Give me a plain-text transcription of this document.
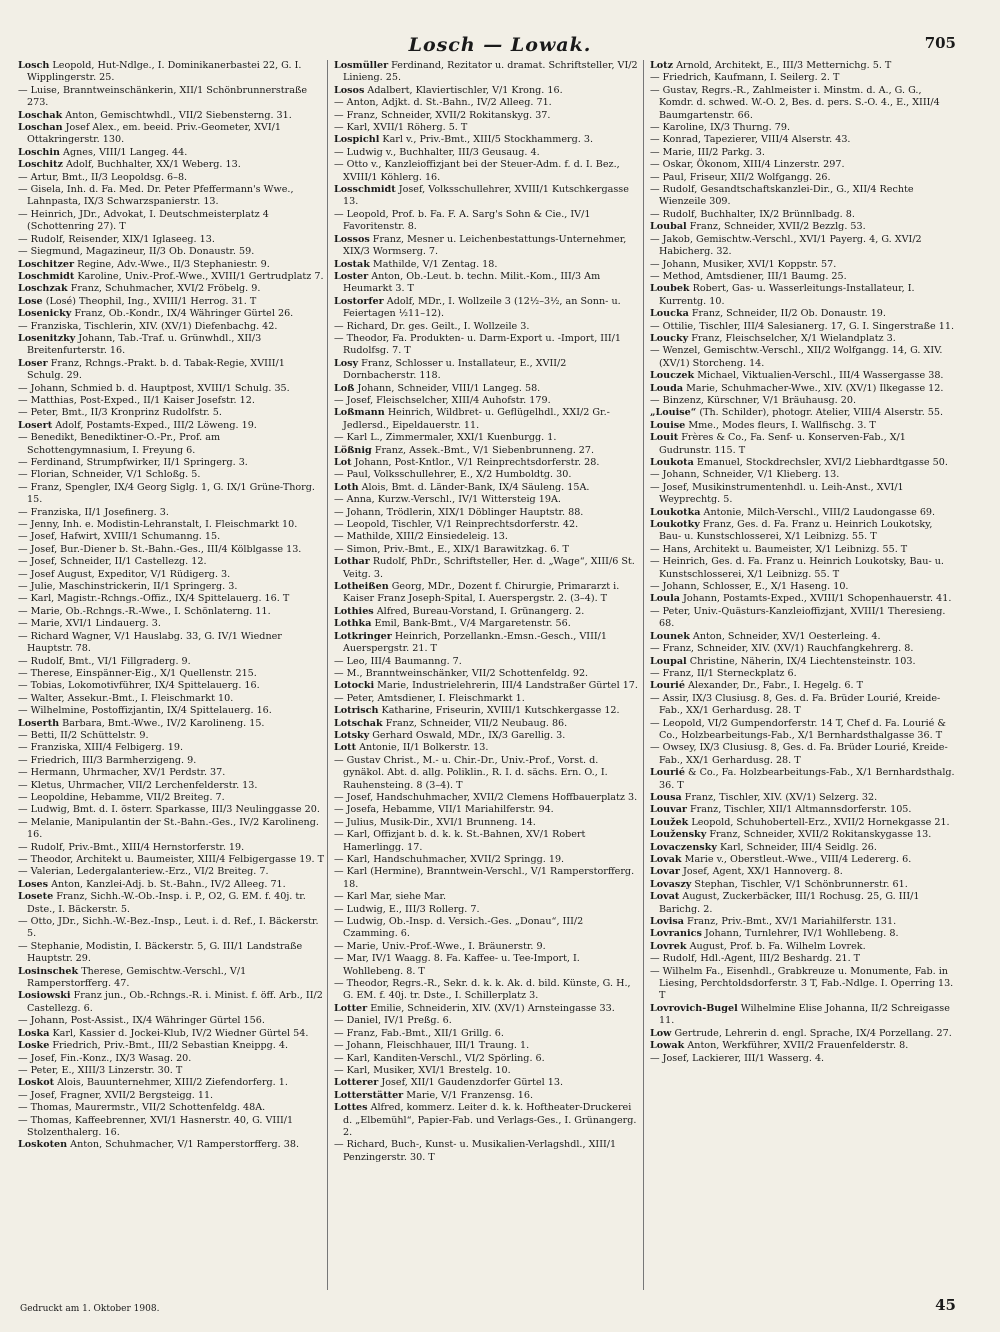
Losch — Lowak.	705

Losch Leopold, Hut-Ndlge., I. Dominikanerbastei 22, G. I. Wipplingerstr. 25.

— Luise, Branntweinschänkerin, XII/1 Schönbrunnerstraße 273.

Loschak Anton, Gemischtwhdl., VII/2 Siebensterng. 31.

Loschan Josef Alex., em. beeid. Priv.-Geometer, XVI/1 Ottakringerstr. 130.

Loschin Agnes, VIII/1 Langeg. 44.

Loschitz Adolf, Buchhalter, XX/1 Weberg. 13.

— Artur, Bmt., II/3 Leopoldsg. 6–8.

— Gisela, Inh. d. Fa. Med. Dr. Peter Pfeffermann's Wwe., Lahnpasta, IX/3 Schwarzspanierstr. 13.

— Heinrich, JDr., Advokat, I. Deutschmeisterplatz 4 (Schottenring 27). T

— Rudolf, Reisender, XIX/1 Iglaseeg. 13.

— Siegmund, Magazineur, II/3 Ob. Donaustr. 59.

Loschitzer Regine, Adv.-Wwe., II/3 Stephaniestr. 9.

Loschmidt Karoline, Univ.-Prof.-Wwe., XVIII/1 Gertrudplatz 7.

Loschzak Franz, Schuhmacher, XVI/2 Fröbelg. 9.

Lose (Losé) Theophil, Ing., XVIII/1 Herrog. 31. T

Losenicky Franz, Ob.-Kondr., IX/4 Währinger Gürtel 26.

— Franziska, Tischlerin, XIV. (XV/1) Diefenbachg. 42.

Losenitzky Johann, Tab.-Traf. u. Grünwhdl., XII/3 Breitenfurterstr. 16.

Loser Franz, Rchngs.-Prakt. b. d. Tabak-Regie, XVIII/1 Schulg. 29.

— Johann, Schmied b. d. Hauptpost, XVIII/1 Schulg. 35.

— Matthias, Post-Exped., II/1 Kaiser Josefstr. 12.

— Peter, Bmt., II/3 Kronprinz Rudolfstr. 5.

Losert Adolf, Postamts-Exped., III/2 Löweng. 19.

— Benedikt, Benediktiner-O.-Pr., Prof. am Schottengymnasium, I. Freyung 6.

— Ferdinand, Strumpfwirker, II/1 Springerg. 3.

— Florian, Schneider, V/1 Schloßg. 5.

— Franz, Spengler, IX/4 Georg Siglg. 1, G. IX/1 Grüne-Thorg. 15.

— Franziska, II/1 Josefinerg. 3.

— Jenny, Inh. e. Modistin-Lehranstalt, I. Fleischmarkt 10.

— Josef, Hafwirt, XVIII/1 Schumanng. 15.

— Josef, Bur.-Diener b. St.-Bahn.-Ges., III/4 Kölblgasse 13.

— Josef, Schneider, II/1 Castellezg. 12.

— Josef August, Expeditor, V/1 Rüdigerg. 3.

— Julie, Maschinstrickerin, II/1 Springerg. 3.

— Karl, Magistr.-Rchngs.-Offiz., IX/4 Spittelauerg. 16. T

— Marie, Ob.-Rchngs.-R.-Wwe., I. Schönlaterng. 11.

— Marie, XVI/1 Lindauerg. 3.

— Richard Wagner, V/1 Hauslabg. 33, G. IV/1 Wiedner Hauptstr. 78.

— Rudolf, Bmt., VI/1 Fillgraderg. 9.

— Therese, Einspänner-Eig., X/1 Quellenstr. 215.

— Tobias, Lokomotivführer, IX/4 Spittelauerg. 16.

— Walter, Assekur.-Bmt., I. Fleischmarkt 10.

— Wilhelmine, Postoffizjantin, IX/4 Spittelauerg. 16.

Loserth Barbara, Bmt.-Wwe., IV/2 Karolineng. 15.

— Betti, II/2 Schüttelstr. 9.

— Franziska, XIII/4 Felbigerg. 19.

— Friedrich, III/3 Barmherzigeng. 9.

— Hermann, Uhrmacher, XV/1 Perdstr. 37.

— Kletus, Uhrmacher, VII/2 Lerchenfelderstr. 13.

— Leopoldine, Hebamme, VII/2 Breiteg. 7.

— Ludwig, Bmt. d. I. österr. Sparkasse, III/3 Neulinggasse 20.

— Melanie, Manipulantin der St.-Bahn.-Ges., IV/2 Karolineng. 16.

— Rudolf, Priv.-Bmt., XIII/4 Hernstorferstr. 19.

— Theodor, Architekt u. Baumeister, XIII/4 Felbigergasse 19. T

— Valerian, Ledergalanteriew.-Erz., VI/2 Breiteg. 7.

Loses Anton, Kanzlei-Adj. b. St.-Bahn., IV/2 Alleeg. 71.

Losete Franz, Sichh.-W.-Ob.-Insp. i. P., O2, G. EM. f. 40j. tr. Dste., I. Bäckerstr. 5.

— Otto, JDr., Sichh.-W.-Bez.-Insp., Leut. i. d. Ref., I. Bäckerstr. 5.

— Stephanie, Modistin, I. Bäckerstr. 5, G. III/1 Landstraße Hauptstr. 29.

Losinschek Therese, Gemischtw.-Verschl., V/1 Ramperstorfferg. 47.

Losiowski Franz jun., Ob.-Rchngs.-R. i. Minist. f. öff. Arb., II/2 Castellezg. 6.

— Johann, Post-Assist., IX/4 Währinger Gürtel 156.

Loska Karl, Kassier d. Jockei-Klub, IV/2 Wiedner Gürtel 54.

Loske Friedrich, Priv.-Bmt., III/2 Sebastian Kneippg. 4.

— Josef, Fin.-Konz., IX/3 Wasag. 20.

— Peter, E., XIII/3 Linzerstr. 30. T

Loskot Alois, Bauunternehmer, XIII/2 Ziefendorferg. 1.

— Josef, Fragner, XVII/2 Bergsteigg. 11.

— Thomas, Maurermstr., VII/2 Schottenfeldg. 48A.

— Thomas, Kaffeebrenner, XVI/1 Hasnerstr. 40, G. VIII/1 Stolzenthalerg. 16.

Loskoten Anton, Schuhmacher, V/1 Ramperstorfferg. 38.

Losmüller Ferdinand, Rezitator u. dramat. Schriftsteller, VI/2 Linieng. 25.

Losos Adalbert, Klaviertischler, V/1 Krong. 16.

— Anton, Adjkt. d. St.-Bahn., IV/2 Alleeg. 71.

— Franz, Schneider, XVII/2 Rokitanskyg. 37.

— Karl, XVII/1 Röherg. 5. T

Lospichl Karl v., Priv.-Bmt., XIII/5 Stockhammerg. 3.

— Ludwig v., Buchhalter, III/3 Geusaug. 4.

— Otto v., Kanzleioffizjant bei der Steuer-Adm. f. d. I. Bez., XVIII/1 Köhlerg. 16.

Losschmidt Josef, Volksschullehrer, XVIII/1 Kutschkergasse 13.

— Leopold, Prof. b. Fa. F. A. Sarg's Sohn & Cie., IV/1 Favoritenstr. 8.

Lossos Franz, Mesner u. Leichenbestattungs-Unternehmer, XIX/3 Wormserg. 7.

Lostak Mathilde, V/1 Zentag. 18.

Loster Anton, Ob.-Leut. b. techn. Milit.-Kom., III/3 Am Heumarkt 3. T

Lostorfer Adolf, MDr., I. Wollzeile 3 (12½–3½, an Sonn- u. Feiertagen ½11–12).

— Richard, Dr. ges. Geilt., I. Wollzeile 3.

— Theodor, Fa. Produkten- u. Darm-Export u. -Import, III/1 Rudolfsg. 7. T

Losy Franz, Schlosser u. Installateur, E., XVII/2 Dornbacherstr. 118.

Loß Johann, Schneider, VIII/1 Langeg. 58.

— Josef, Fleischselcher, XIII/4 Auhofstr. 179.

Loßmann Heinrich, Wildbret- u. Geflügelhdl., XXI/2 Gr.-Jedlersd., Eipeldauerstr. 11.

— Karl L., Zimmermaler, XXI/1 Kuenburgg. 1.

Lößnig Franz, Assek.-Bmt., V/1 Siebenbrunneng. 27.

Lot Johann, Post-Kntlor., V/1 Reinprechtsdorferstr. 28.

— Paul, Volksschullehrer, E., X/2 Humboldtg. 30.

Loth Alois, Bmt. d. Länder-Bank, IX/4 Säuleng. 15A.

— Anna, Kurzw.-Verschl., IV/1 Wittersteig 19A.

— Johann, Trödlerin, XIX/1 Döblinger Hauptstr. 88.

— Leopold, Tischler, V/1 Reinprechtsdorferstr. 42.

— Mathilde, XIII/2 Einsiedeleig. 13.

— Simon, Priv.-Bmt., E., XIX/1 Barawitzkag. 6. T

Lothar Rudolf, PhDr., Schriftsteller, Her. d. „Wage“, XIII/6 St. Veitg. 3.

Lotheißen Georg, MDr., Dozent f. Chirurgie, Primararzt i. Kaiser Franz Joseph-Spital, I. Auerspergstr. 2. (3–4). T

Lothies Alfred, Bureau-Vorstand, I. Grünangerg. 2.

Lothka Emil, Bank-Bmt., V/4 Margaretenstr. 56.

Lotkringer Heinrich, Porzellankn.-Emsn.-Gesch., VIII/1 Auerspergstr. 21. T

— Leo, III/4 Baumanng. 7.

— M., Branntweinschänker, VII/2 Schottenfeldg. 92.

Lotocki Marie, Industrielehrerin, III/4 Landstraßer Gürtel 17.

— Peter, Amtsdiener, I. Fleischmarkt 1.

Lotrisch Katharine, Friseurin, XVIII/1 Kutschkergasse 12.

Lotschak Franz, Schneider, VII/2 Neubaug. 86.

Lotsky Gerhard Oswald, MDr., IX/3 Garellig. 3.

Lott Antonie, II/1 Bolkerstr. 13.

— Gustav Christ., M.- u. Chir.-Dr., Univ.-Prof., Vorst. d. gynäkol. Abt. d. allg. Poliklin., R. I. d. sächs. Ern. O., I. Rauhensteing. 8 (3–4). T

— Josef, Handschuhmacher, XVII/2 Clemens Hoffbauerplatz 3.

— Josefa, Hebamme, VII/1 Mariahilferstr. 94.

— Julius, Musik-Dir., XVI/1 Brunneng. 14.

— Karl, Offizjant b. d. k. k. St.-Bahnen, XV/1 Robert Hamerlingg. 17.

— Karl, Handschuhmacher, XVII/2 Springg. 19.

— Karl (Hermine), Branntwein-Verschl., V/1 Ramperstorfferg. 18.

— Karl Mar, siehe Mar.

— Ludwig, E., III/3 Rollerg. 7.

— Ludwig, Ob.-Insp. d. Versich.-Ges. „Donau“, III/2 Czamming. 6.

— Marie, Univ.-Prof.-Wwe., I. Bräunerstr. 9.

— Mar, IV/1 Waagg. 8. Fa. Kaffee- u. Tee-Import, I. Wohllebeng. 8. T

— Theodor, Regrs.-R., Sekr. d. k. k. Ak. d. bild. Künste, G. H., G. EM. f. 40j. tr. Dste., I. Schillerplatz 3.

Lotter Emilie, Schneiderin, XIV. (XV/1) Arnsteingasse 33.

— Daniel, IV/1 Preßg. 6.

— Franz, Fab.-Bmt., XII/1 Grillg. 6.

— Johann, Fleischhauer, III/1 Traung. 1.

— Karl, Kanditen-Verschl., VI/2 Spörling. 6.

— Karl, Musiker, XVI/1 Brestelg. 10.

Lotterer Josef, XII/1 Gaudenzdorfer Gürtel 13.

Lotterstätter Marie, V/1 Franzensg. 16.

Lottes Alfred, kommerz. Leiter d. k. k. Hoftheater-Druckerei d. „Elbemühl“, Papier-Fab. und Verlags-Ges., I. Grünangerg. 2.

— Richard, Buch-, Kunst- u. Musikalien-Verlagshdl., XIII/1 Penzingerstr. 30. T

Lotz Arnold, Architekt, E., III/3 Metternichg. 5. T

— Friedrich, Kaufmann, I. Seilerg. 2. T

— Gustav, Regrs.-R., Zahlmeister i. Minstm. d. A., G. G., Komdr. d. schwed. W.-O. 2, Bes. d. pers. S.-O. 4., E., XIII/4 Baumgartenstr. 66.

— Karoline, IX/3 Thurng. 79.

— Konrad, Tapezierer, VIII/4 Alserstr. 43.

— Marie, III/2 Parkg. 3.

— Oskar, Ökonom, XIII/4 Linzerstr. 297.

— Paul, Friseur, XII/2 Wolfgangg. 26.

— Rudolf, Gesandtschaftskanzlei-Dir., G., XII/4 Rechte Wienzeile 309.

— Rudolf, Buchhalter, IX/2 Brünnlbadg. 8.

Loubal Franz, Schneider, XVII/2 Bezzlg. 53.

— Jakob, Gemischtw.-Verschl., XVI/1 Payerg. 4, G. XVI/2 Habicherg. 32.

— Johann, Musiker, XVI/1 Koppstr. 57.

— Method, Amtsdiener, III/1 Baumg. 25.

Loubek Robert, Gas- u. Wasserleitungs-Installateur, I. Kurrentg. 10.

Loucka Franz, Schneider, II/2 Ob. Donaustr. 19.

— Ottilie, Tischler, III/4 Salesianerg. 17, G. I. Singerstraße 11.

Loucky Franz, Fleischselcher, X/1 Wielandplatz 3.

— Wenzel, Gemischtw.-Verschl., XII/2 Wolfgangg. 14, G. XIV. (XV/1) Storcheng. 14.

Louczek Michael, Viktualien-Verschl., III/4 Wassergasse 38.

Louda Marie, Schuhmacher-Wwe., XIV. (XV/1) Ilkegasse 12.

— Binzenz, Kürschner, V/1 Bräuhausg. 20.

„Louise“ (Th. Schilder), photogr. Atelier, VIII/4 Alserstr. 55.

Louise Mme., Modes fleurs, I. Wallfischg. 3. T

Louit Frères & Co., Fa. Senf- u. Konserven-Fab., X/1 Gudrunstr. 115. T

Loukota Emanuel, Stockdrechsler, XVI/2 Liebhardtgasse 50.

— Johann, Schneider, V/1 Klieberg. 13.

— Josef, Musikinstrumentenhdl. u. Leih-Anst., XVI/1 Weyprechtg. 5.

Loukotka Antonie, Milch-Verschl., VIII/2 Laudongasse 69.

Loukotky Franz, Ges. d. Fa. Franz u. Heinrich Loukotsky, Bau- u. Kunstschlosserei, X/1 Leibnizg. 55. T

— Hans, Architekt u. Baumeister, X/1 Leibnizg. 55. T

— Heinrich, Ges. d. Fa. Franz u. Heinrich Loukotsky, Bau- u. Kunstschlosserei, X/1 Leibnizg. 55. T

— Johann, Schlosser, E., X/1 Haseng. 10.

Loula Johann, Postamts-Exped., XVIII/1 Schopenhauerstr. 41.

— Peter, Univ.-Quästurs-Kanzleioffizjant, XVIII/1 Theresieng. 68.

Lounek Anton, Schneider, XV/1 Oesterleing. 4.

— Franz, Schneider, XIV. (XV/1) Rauchfangkehrerg. 8.

Loupal Christine, Näherin, IX/4 Liechtensteinstr. 103.

— Franz, II/1 Sterneckplatz 6.

Lourié Alexander, Dr., Fabr., I. Hegelg. 6. T

— Assir, IX/3 Clusiusg. 8, Ges. d. Fa. Brüder Lourié, Kreide-Fab., XX/1 Gerhardusg. 28. T

— Leopold, VI/2 Gumpendorferstr. 14 T, Chef d. Fa. Lourié & Co., Holzbearbeitungs-Fab., X/1 Bernhardsthalgasse 36. T

— Owsey, IX/3 Clusiusg. 8, Ges. d. Fa. Brüder Lourié, Kreide-Fab., XX/1 Gerhardusg. 28. T

Lourié & Co., Fa. Holzbearbeitungs-Fab., X/1 Bernhardsthalg. 36. T

Lousa Franz, Tischler, XIV. (XV/1) Selzerg. 32.

Louvar Franz, Tischler, XII/1 Altmannsdorferstr. 105.

Loužek Leopold, Schuhobertell-Erz., XVII/2 Hornekgasse 21.

Loužensky Franz, Schneider, XVII/2 Rokitanskygasse 13.

Lovaczensky Karl, Schneider, III/4 Seidlg. 26.

Lovak Marie v., Oberstleut.-Wwe., VIII/4 Ledererg. 6.

Lovar Josef, Agent, XX/1 Hannoverg. 8.

Lovaszy Stephan, Tischler, V/1 Schönbrunnerstr. 61.

Lovat August, Zuckerbäcker, III/1 Rochusg. 25, G. III/1 Barichg. 2.

Lovisa Franz, Priv.-Bmt., XV/1 Mariahilferstr. 131.

Lovranics Johann, Turnlehrer, IV/1 Wohllebeng. 8.

Lovrek August, Prof. b. Fa. Wilhelm Lovrek.

— Rudolf, Hdl.-Agent, III/2 Beshardg. 21. T

— Wilhelm Fa., Eisenhdl., Grabkreuze u. Monumente, Fab. in Liesing, Perchtoldsdorferstr. 3 T, Fab.-Ndlge. I. Operring 13. T

Lovrovich-Bugel Wilhelmine Elise Johanna, II/2 Schreigasse 11.

Low Gertrude, Lehrerin d. engl. Sprache, IX/4 Porzellang. 27.

Lowak Anton, Werkführer, XVII/2 Frauenfelderstr. 8.

— Josef, Lackierer, III/1 Wasserg. 4.

Gedruckt am 1. Oktober 1908.	45
